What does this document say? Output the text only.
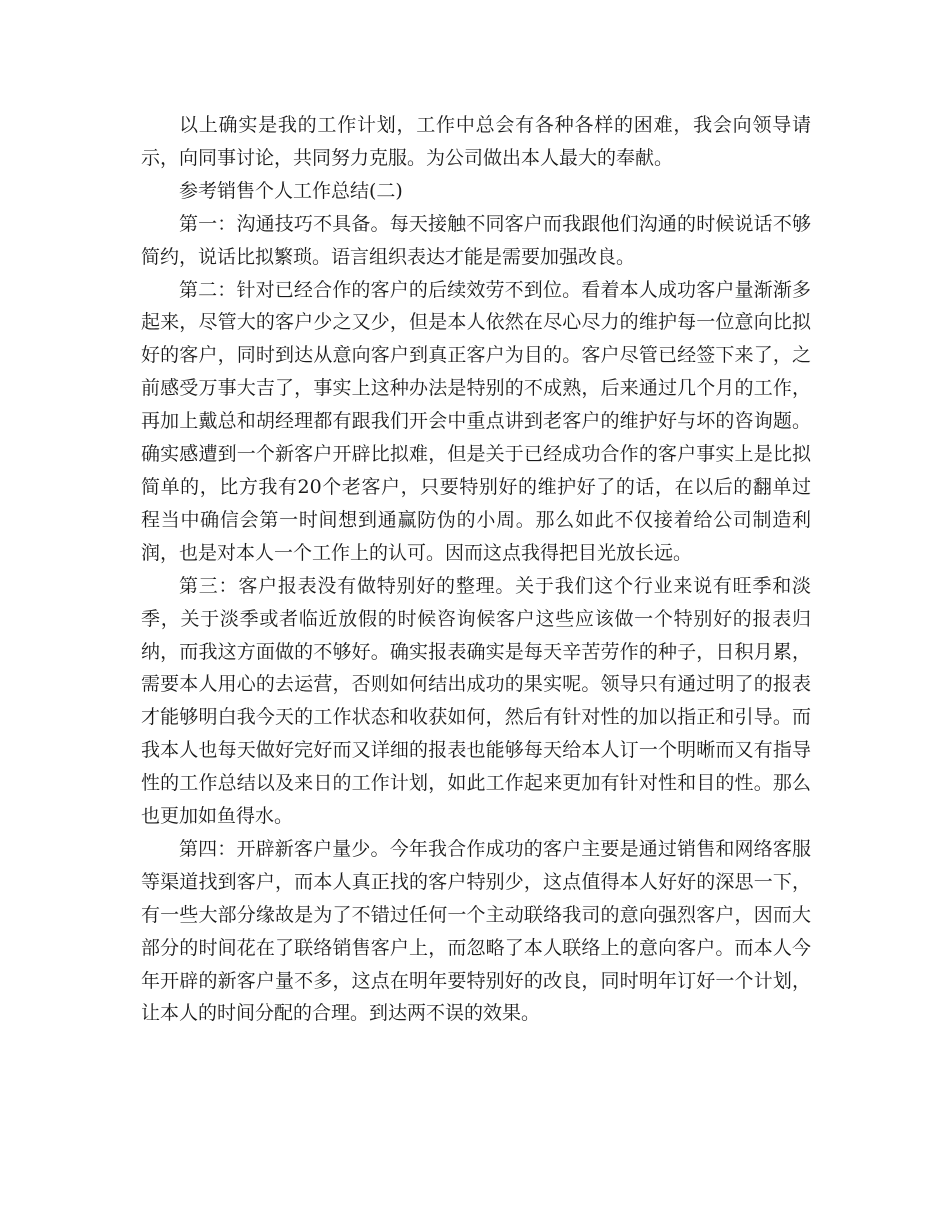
以上确实是我的工作计划，工作中总会有各种各样的困难，我会向领导请示，向同事讨论，共同努力克服。为公司做出本人最大的奉献。

参考销售个人工作总结(二)

第一：沟通技巧不具备。每天接触不同客户而我跟他们沟通的时候说话不够简约，说话比拟繁琐。语言组织表达才能是需要加强改良。

第二：针对已经合作的客户的后续效劳不到位。看着本人成功客户量渐渐多起来，尽管大的客户少之又少，但是本人依然在尽心尽力的维护每一位意向比拟好的客户，同时到达从意向客户到真正客户为目的。客户尽管已经签下来了，之前感受万事大吉了，事实上这种办法是特别的不成熟，后来通过几个月的工作，再加上戴总和胡经理都有跟我们开会中重点讲到老客户的维护好与坏的咨询题。确实感遭到一个新客户开辟比拟难，但是关于已经成功合作的客户事实上是比拟简单的，比方我有20个老客户，只要特别好的维护好了的话，在以后的翻单过程当中确信会第一时间想到通赢防伪的小周。那么如此不仅接着给公司制造利润，也是对本人一个工作上的认可。因而这点我得把目光放长远。

第三：客户报表没有做特别好的整理。关于我们这个行业来说有旺季和淡季，关于淡季或者临近放假的时候咨询候客户这些应该做一个特别好的报表归纳，而我这方面做的不够好。确实报表确实是每天辛苦劳作的种子，日积月累，需要本人用心的去运营，否则如何结出成功的果实呢。领导只有通过明了的报表才能够明白我今天的工作状态和收获如何，然后有针对性的加以指正和引导。而我本人也每天做好完好而又详细的报表也能够每天给本人订一个明晰而又有指导性的工作总结以及来日的工作计划，如此工作起来更加有针对性和目的性。那么也更加如鱼得水。

第四：开辟新客户量少。今年我合作成功的客户主要是通过销售和网络客服等渠道找到客户，而本人真正找的客户特别少，这点值得本人好好的深思一下，有一些大部分缘故是为了不错过任何一个主动联络我司的意向强烈客户，因而大部分的时间花在了联络销售客户上，而忽略了本人联络上的意向客户。而本人今年开辟的新客户量不多，这点在明年要特别好的改良，同时明年订好一个计划，让本人的时间分配的合理。到达两不误的效果。
